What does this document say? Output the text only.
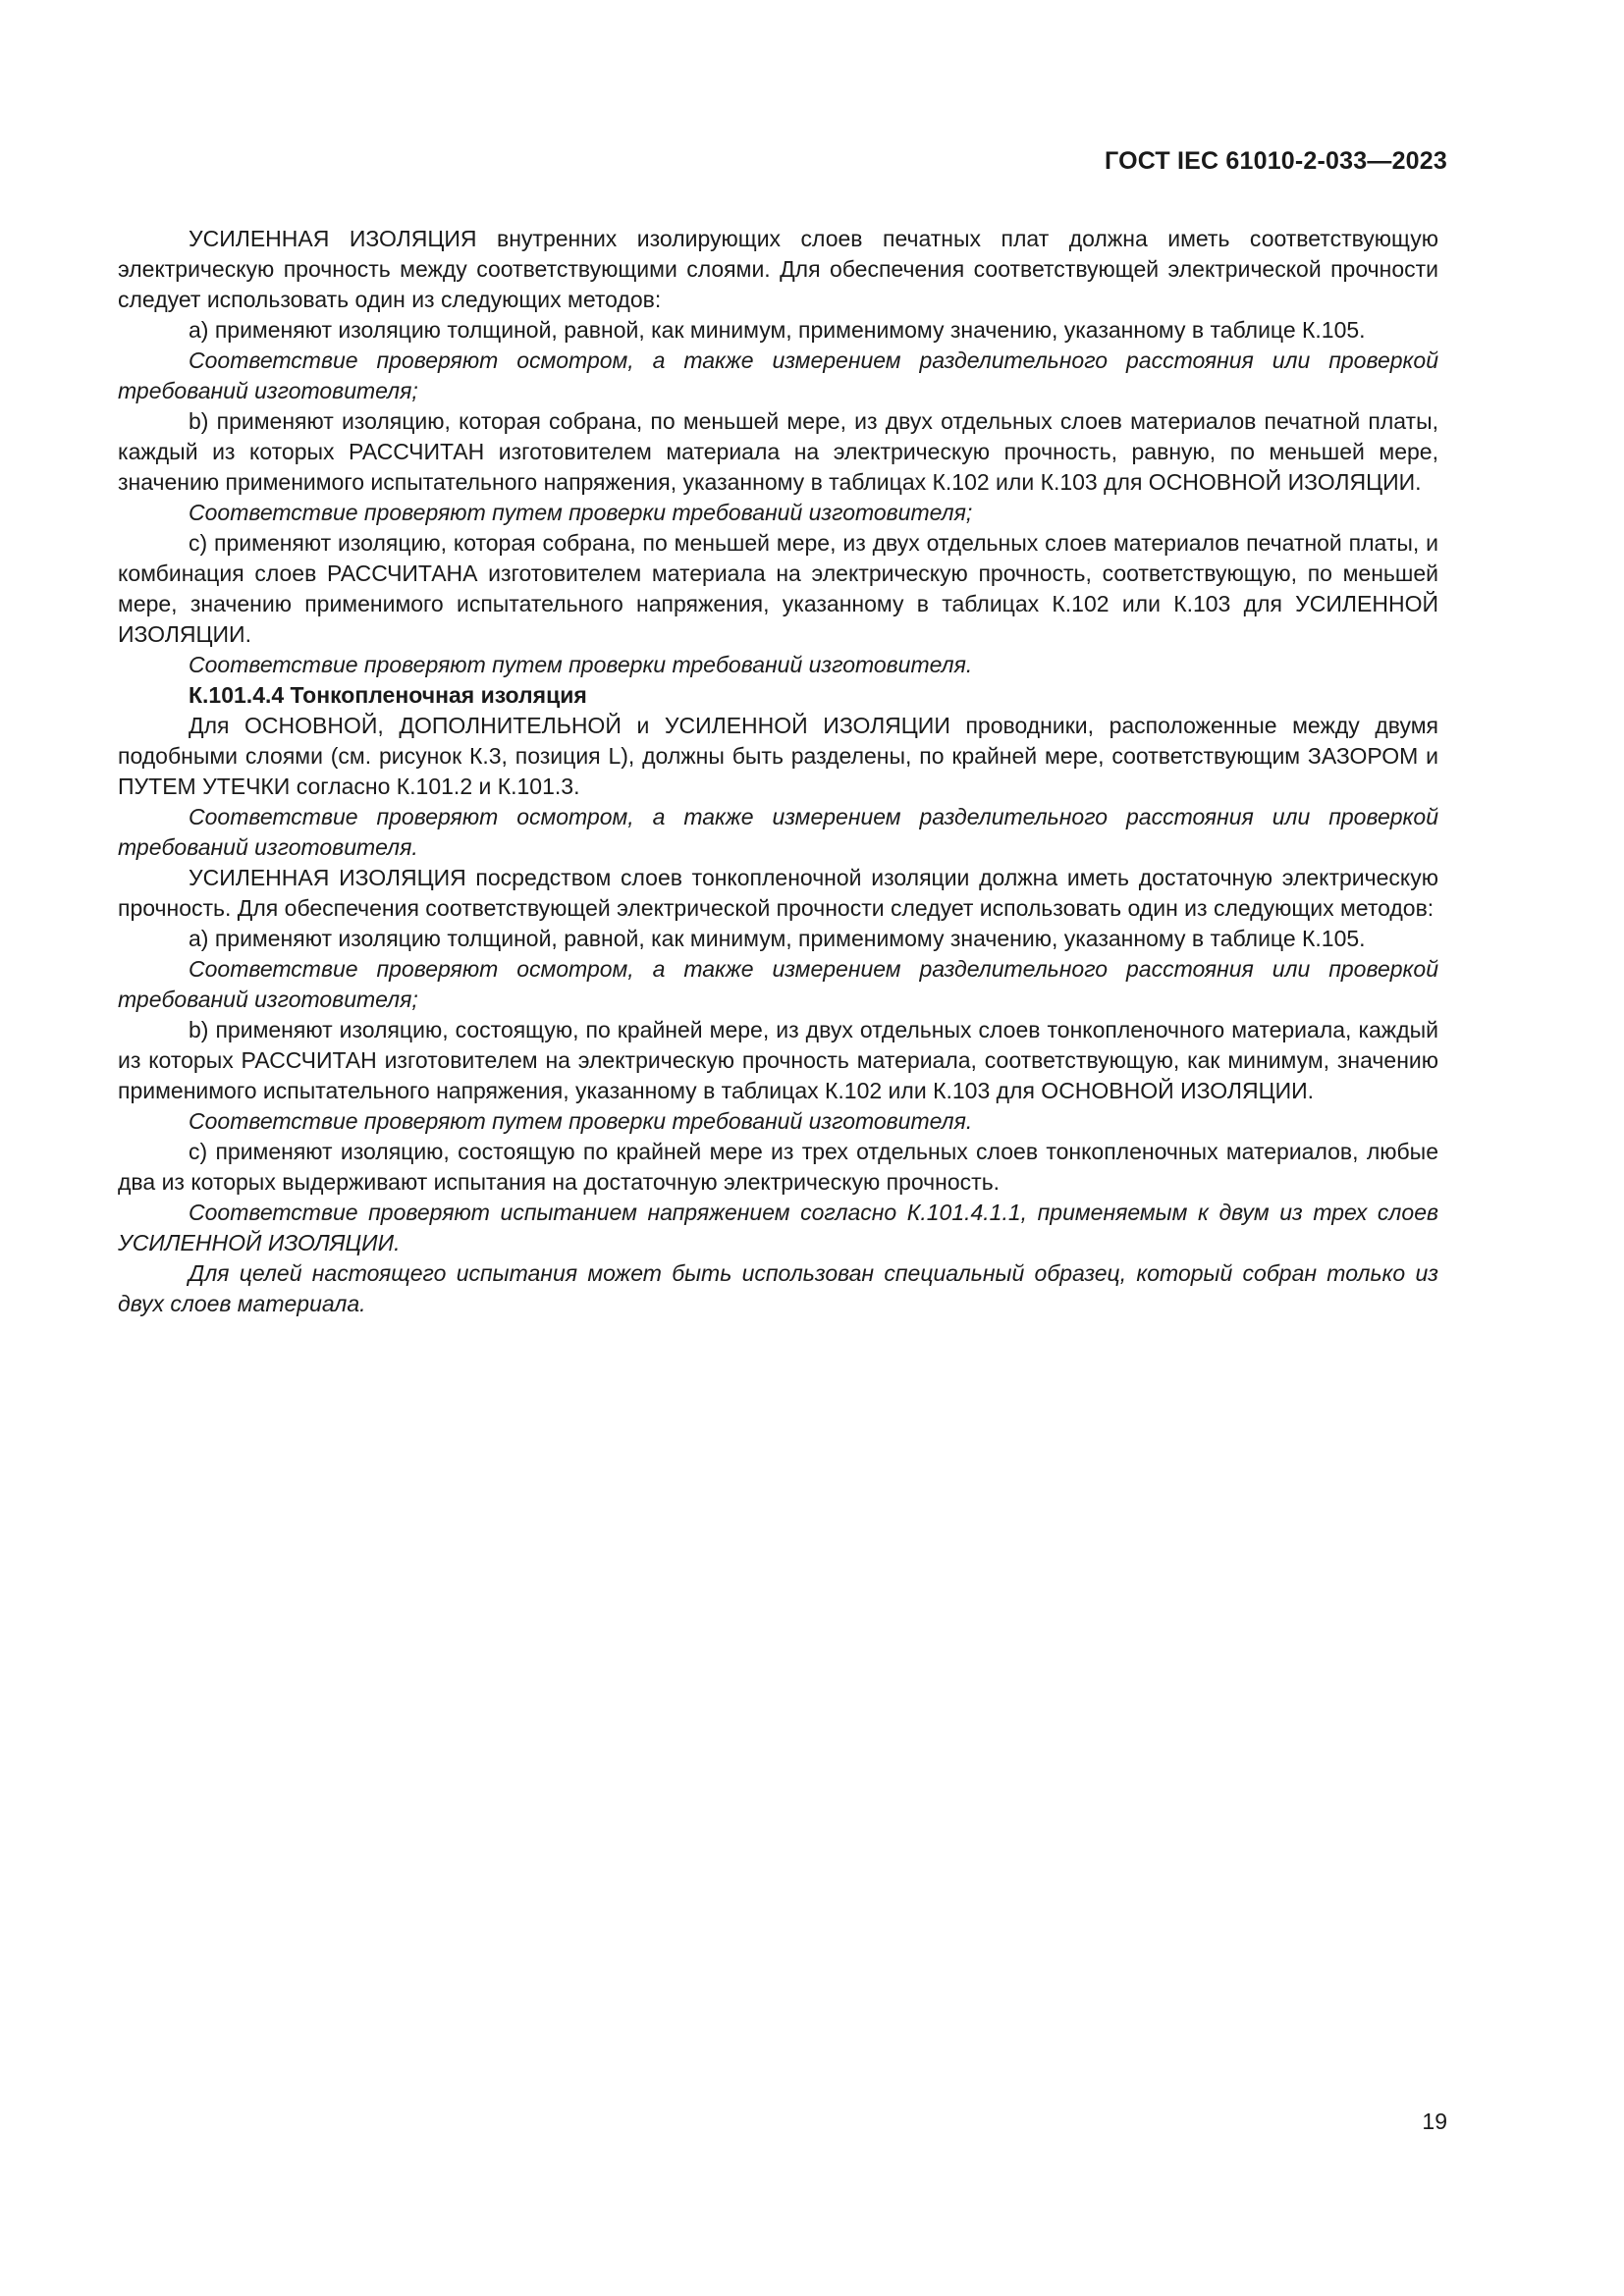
ГОСТ IEC 61010-2-033—2023

УСИЛЕННАЯ ИЗОЛЯЦИЯ внутренних изолирующих слоев печатных плат должна иметь соответствующую электрическую прочность между соответствующими слоями. Для обеспечения соответствующей электрической прочности следует использовать один из следующих методов:

а) применяют изоляцию толщиной, равной, как минимум, применимому значению, указанному в таблице К.105.

Соответствие проверяют осмотром, а также измерением разделительного расстояния или проверкой требований изготовителя;

b) применяют изоляцию, которая собрана, по меньшей мере, из двух отдельных слоев материалов печатной платы, каждый из которых РАССЧИТАН изготовителем материала на электрическую прочность, равную, по меньшей мере, значению применимого испытательного напряжения, указанному в таблицах К.102 или К.103 для ОСНОВНОЙ ИЗОЛЯЦИИ.

Соответствие проверяют путем проверки требований изготовителя;

с) применяют изоляцию, которая собрана, по меньшей мере, из двух отдельных слоев материалов печатной платы, и комбинация слоев РАССЧИТАНА изготовителем материала на электрическую прочность, соответствующую, по меньшей мере, значению применимого испытательного напряжения, указанному в таблицах К.102 или К.103 для УСИЛЕННОЙ ИЗОЛЯЦИИ.

Соответствие проверяют путем проверки требований изготовителя.

К.101.4.4 Тонкопленочная изоляция

Для ОСНОВНОЙ, ДОПОЛНИТЕЛЬНОЙ и УСИЛЕННОЙ ИЗОЛЯЦИИ проводники, расположенные между двумя подобными слоями (см. рисунок К.3, позиция L), должны быть разделены, по крайней мере, соответствующим ЗАЗОРОМ и ПУТЕМ УТЕЧКИ согласно К.101.2 и К.101.3.

Соответствие проверяют осмотром, а также измерением разделительного расстояния или проверкой требований изготовителя.

УСИЛЕННАЯ ИЗОЛЯЦИЯ посредством слоев тонкопленочной изоляции должна иметь достаточную электрическую прочность. Для обеспечения соответствующей электрической прочности следует использовать один из следующих методов:

а) применяют изоляцию толщиной, равной, как минимум, применимому значению, указанному в таблице К.105.

Соответствие проверяют осмотром, а также измерением разделительного расстояния или проверкой требований изготовителя;

b) применяют изоляцию, состоящую, по крайней мере, из двух отдельных слоев тонкопленочного материала, каждый из которых РАССЧИТАН изготовителем на электрическую прочность материала, соответствующую, как минимум, значению применимого испытательного напряжения, указанному в таблицах К.102 или К.103 для ОСНОВНОЙ ИЗОЛЯЦИИ.

Соответствие проверяют путем проверки требований изготовителя.

с) применяют изоляцию, состоящую по крайней мере из трех отдельных слоев тонкопленочных материалов, любые два из которых выдерживают испытания на достаточную электрическую прочность.

Соответствие проверяют испытанием напряжением согласно К.101.4.1.1, применяемым к двум из трех слоев УСИЛЕННОЙ ИЗОЛЯЦИИ.

Для целей настоящего испытания может быть использован специальный образец, который собран только из двух слоев материала.

19
